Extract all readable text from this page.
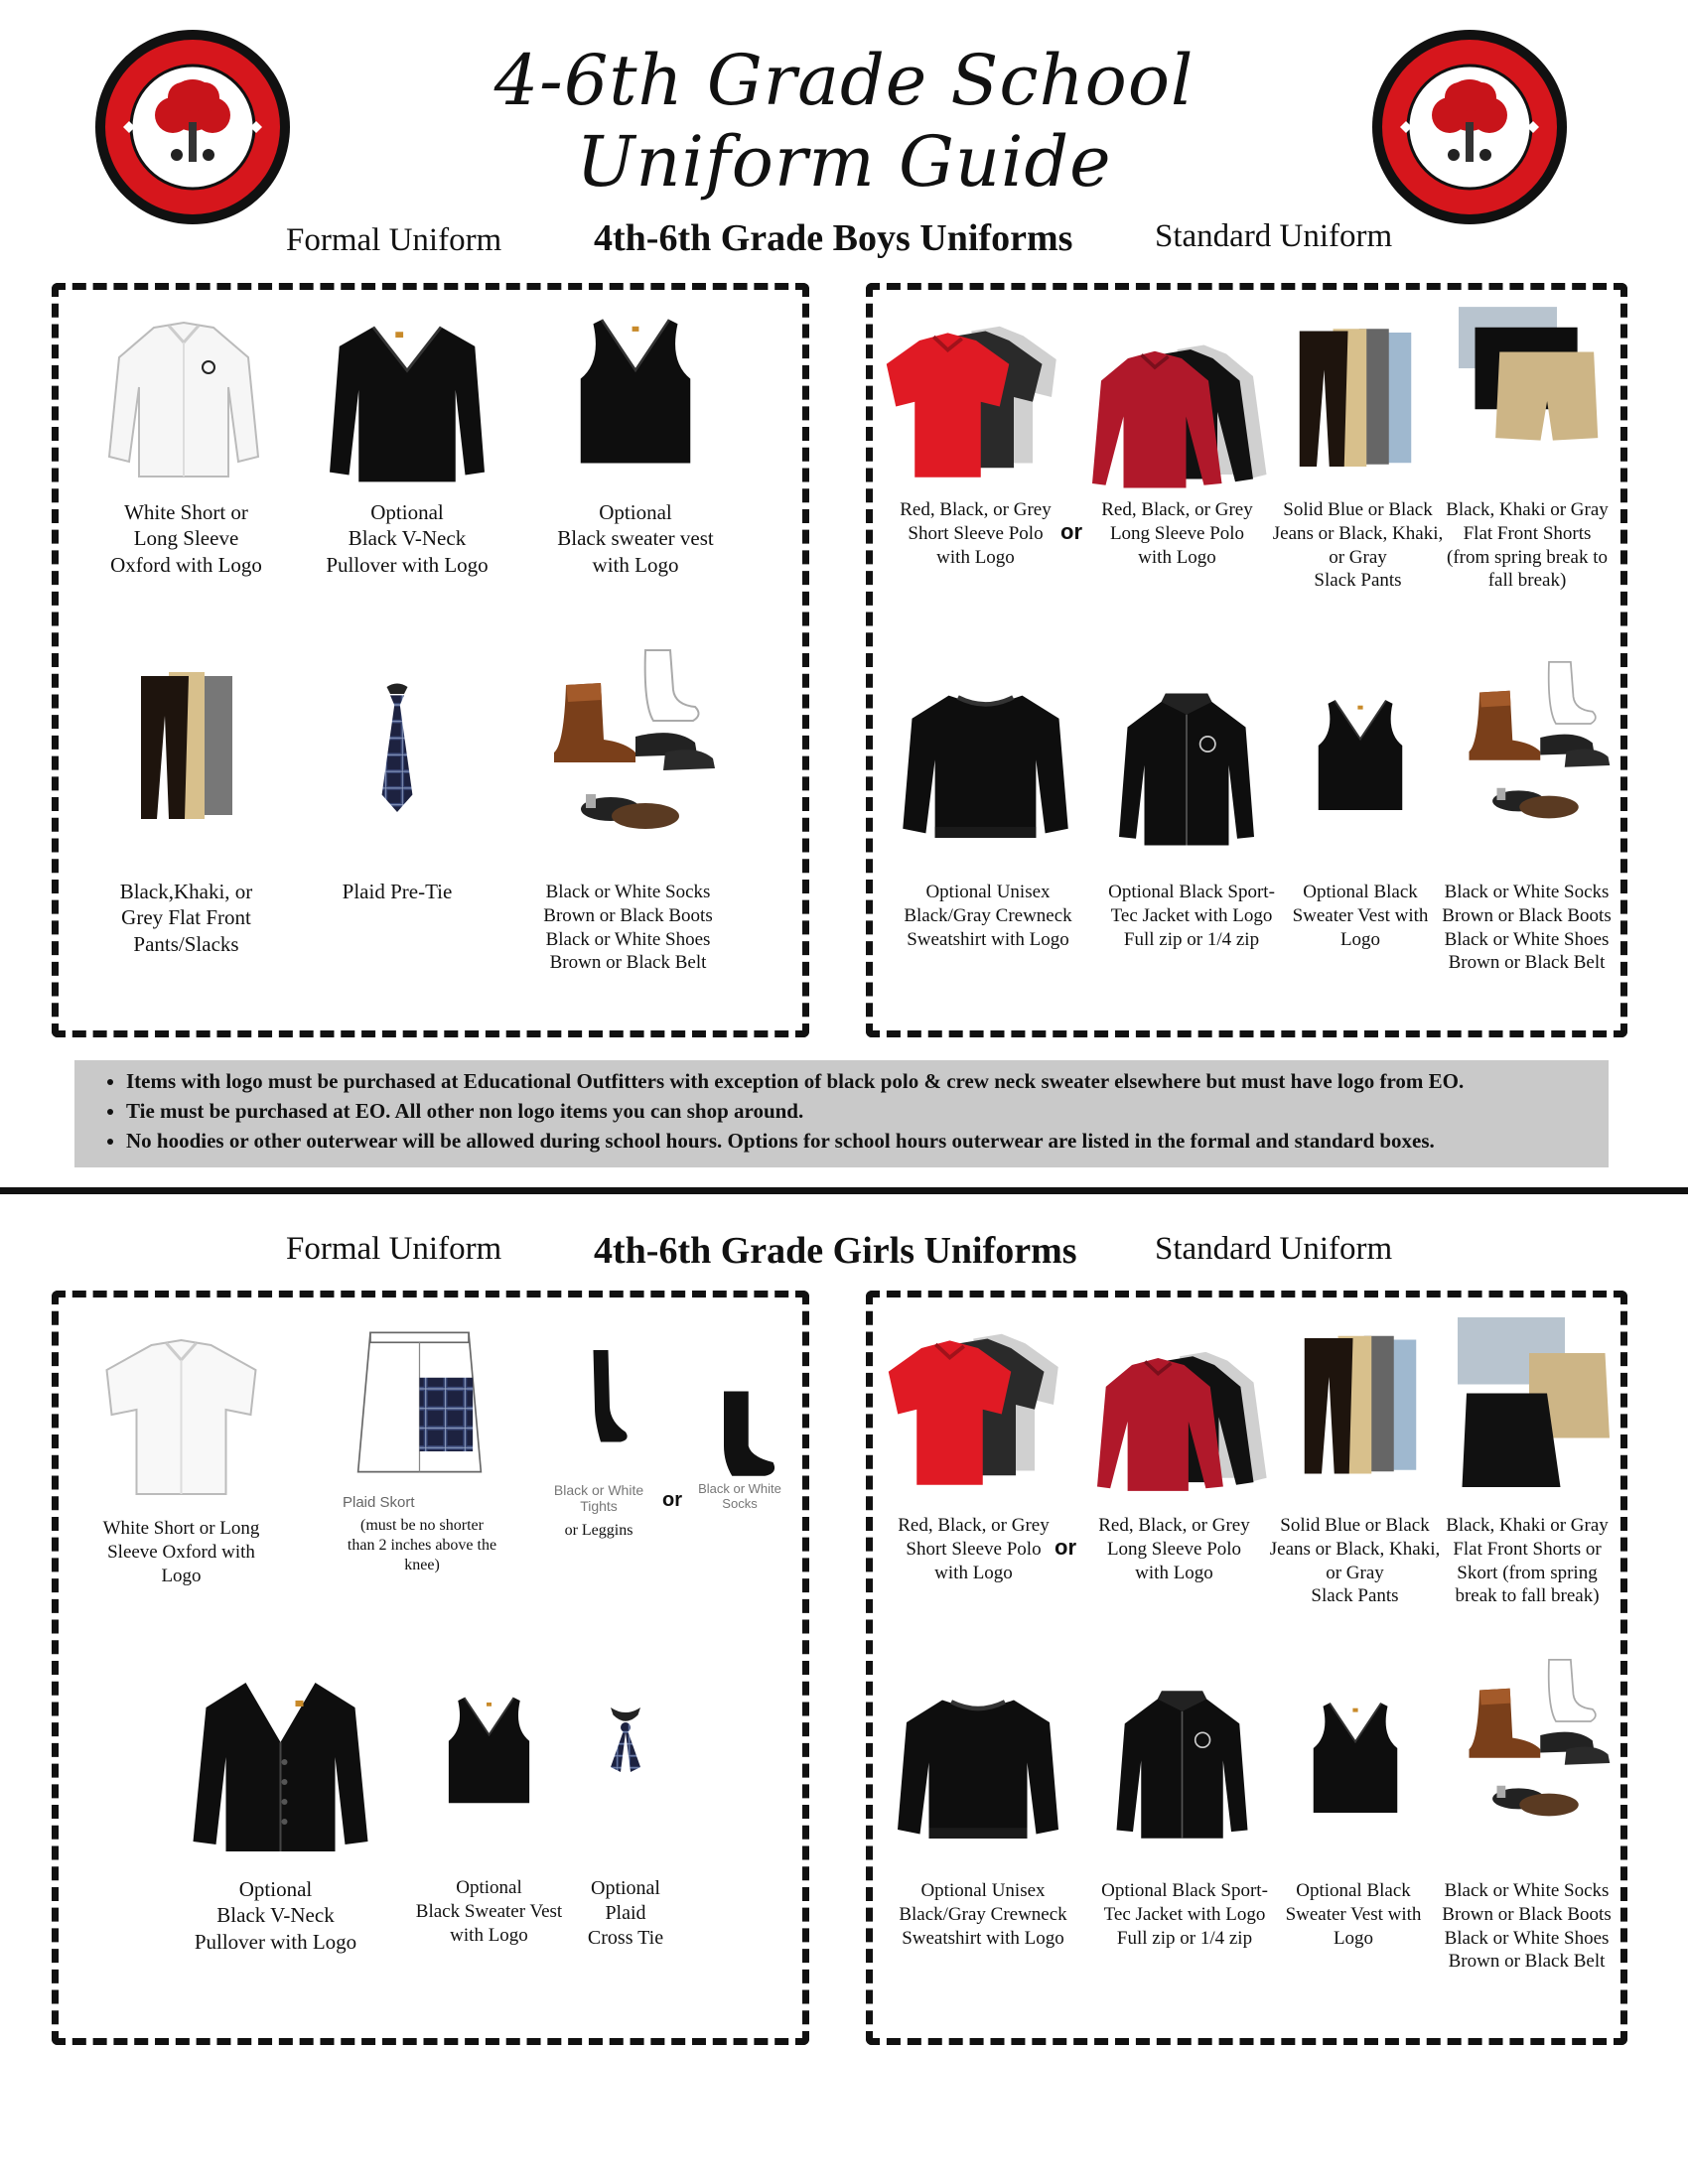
4-6th Grade School Uniform Guide
Formal Uniform 4th-6th Grade Boys Uniforms	Standard Uniform
White Short or
Long Sleeve
Oxford with Logo
Optional
Black V-Neck
Pullover with Logo
Optional
Black sweater vest
with Logo
Black,Khaki, or
Grey Flat Front
Pants/Slacks
Plaid Pre-Tie	Black or White Socks
Brown or Black Boots
Black or White Shoes
Brown or Black Belt
Red, Black, or Grey
Short Sleeve Polo
with Logo
or
Red, Black, or Grey
Long Sleeve Polo
with Logo
Solid Blue or Black
Jeans or Black, Khaki,
or Gray
Slack Pants
Black, Khaki or Gray
Flat Front Shorts
(from spring break to
fall break)
Optional Unisex
Black/Gray Crewneck
Sweatshirt with Logo
Optional Black Sport-
Tec Jacket with Logo
Full zip or 1/4 zip
Optional Black
Sweater Vest with
Logo
Black or White Socks
Brown or Black Boots
Black or White Shoes
Brown or Black Belt
• Items with logo must be purchased at Educational Outfitters with exception of black polo & crew neck sweater elsewhere but must have logo from EO.
• Tie must be purchased at EO. All other non logo items you can shop around.
• No hoodies or other outerwear will be allowed during school hours. Options for school hours outerwear are listed in the formal and standard boxes.
Formal Uniform 4th-6th Grade Girls Uniforms Standard Uniform
White Short or Long
Sleeve Oxford with
Logo
Plaid Skort
(must be no shorter
than 2 inches above the
knee)
Black or White
Tights
or Leggins
or
Black or White
Socks
Optional
Black V-Neck
Pullover with Logo
Optional
Black Sweater Vest
with Logo
Optional
Plaid
Cross Tie
Red, Black, or Grey
Short Sleeve Polo
with Logo
or
Red, Black, or Grey
Long Sleeve Polo
with Logo
Solid Blue or Black
Jeans or Black, Khaki,
or Gray
Slack Pants
Black, Khaki or Gray
Flat Front Shorts or
Skort (from spring
break to fall break)
Optional Unisex
Black/Gray Crewneck
Sweatshirt with Logo
Optional Black Sport-
Tec Jacket with Logo
Full zip or 1/4 zip
Optional Black
Sweater Vest with
Logo
Black or White Socks
Brown or Black Boots
Black or White Shoes
Brown or Black Belt
